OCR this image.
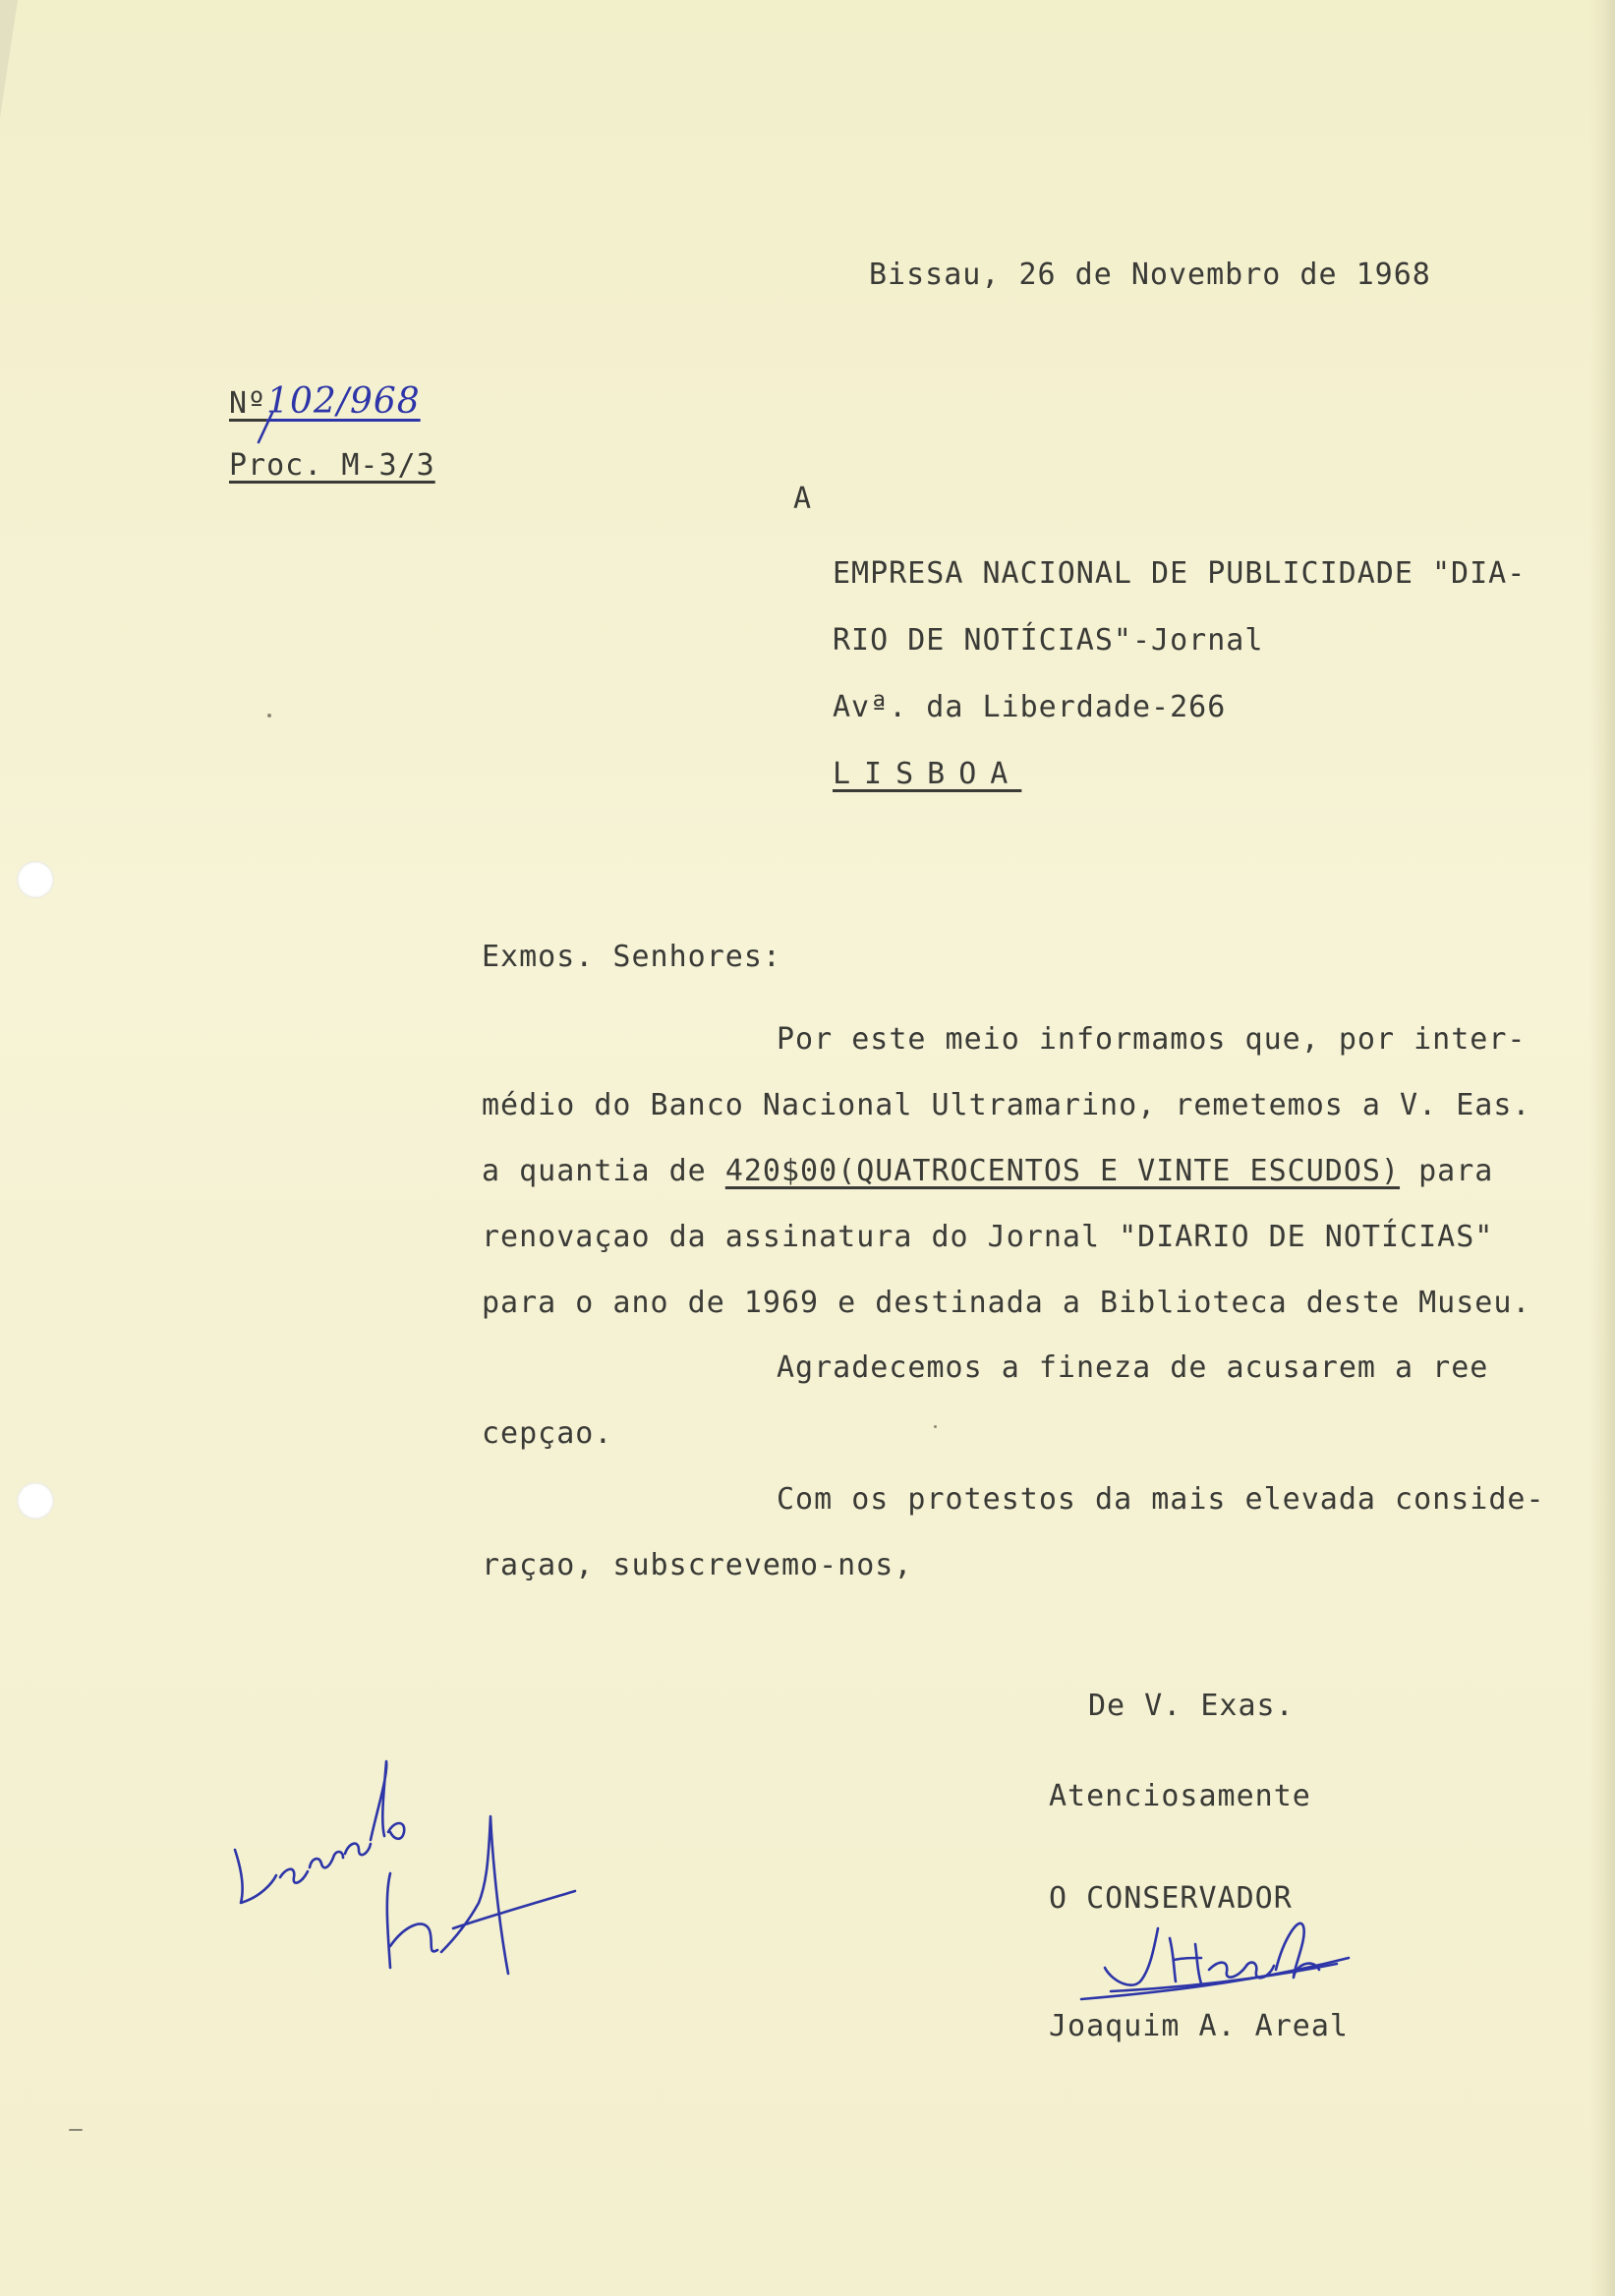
Bissau, 26 de Novembro de 1968
Nº102/968
Proc. M-3/3
A
EMPRESA NACIONAL DE PUBLICIDADE "DIA-
RIO DE NOTÍCIAS"-Jornal
Avª. da Liberdade-266
LISBOA
Exmos. Senhores:
Por este meio informamos que, por inter-
médio do Banco Nacional Ultramarino, remetemos a V. Eas.
a quantia de 420$00(QUATROCENTOS E VINTE ESCUDOS) para
renovaçao da assinatura do Jornal "DIARIO DE NOTÍCIAS"
para o ano de 1969 e destinada a Biblioteca deste Museu.
Agradecemos a fineza de acusarem a ree
cepçao.
Com os protestos da mais elevada conside-
raçao, subscrevemo-nos,
De V. Exas.
Atenciosamente
O CONSERVADOR
Joaquim A. Areal
